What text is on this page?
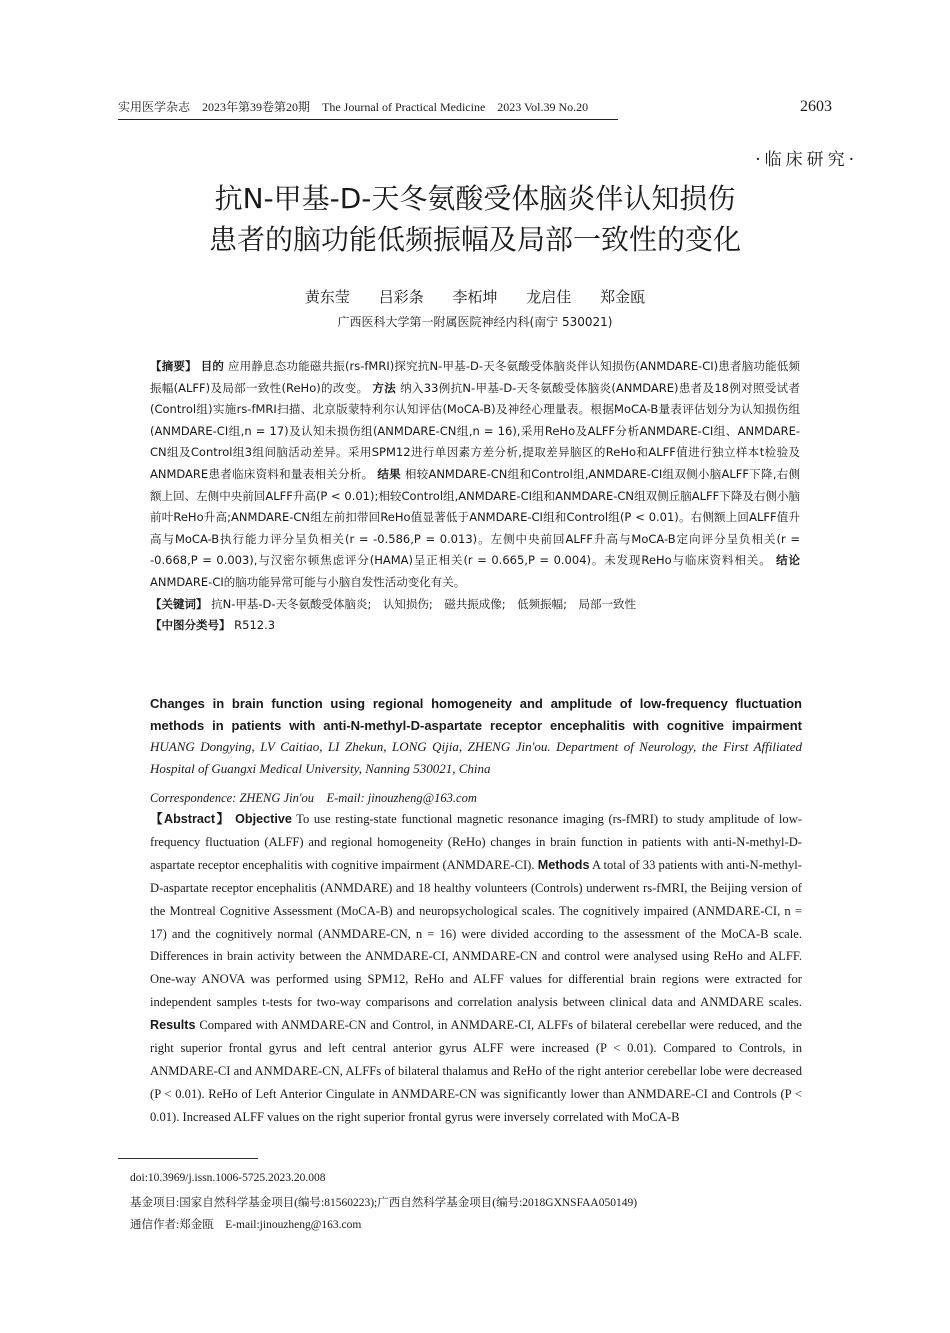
实用医学杂志　2023年第39卷第20期　The Journal of Practical Medicine　2023 Vol.39 No.20	2603
·临床研究·
抗N-甲基-D-天冬氨酸受体脑炎伴认知损伤
患者的脑功能低频振幅及局部一致性的变化
黄东莹 吕彩条 李柘坤 龙启佳 郑金瓯
广西医科大学第一附属医院神经内科(南宁 530021)
【摘要】 目的 应用静息态功能磁共振(rs-fMRI)探究抗N-甲基-D-天冬氨酸受体脑炎伴认知损伤(ANMDARE-CI)患者脑功能低频振幅(ALFF)及局部一致性(ReHo)的改变。 方法 纳入33例抗N-甲基-D-天冬氨酸受体脑炎(ANMDARE)患者及18例对照受试者(Control组)实施rs-fMRI扫描、北京版蒙特利尔认知评估(MoCA-B)及神经心理量表。根据MoCA-B量表评估划分为认知损伤组(ANMDARE-CI组,n = 17)及认知未损伤组(ANMDARE-CN组,n = 16),采用ReHo及ALFF分析ANMDARE-CI组、ANMDARE-CN组及Control组3组间脑活动差异。采用SPM12进行单因素方差分析,提取差异脑区的ReHo和ALFF值进行独立样本t检验及ANMDARE患者临床资料和量表相关分析。 结果 相较ANMDARE-CN组和Control组,ANMDARE-CI组双侧小脑ALFF下降,右侧额上回、左侧中央前回ALFF升高(P < 0.01);相较Control组,ANMDARE-CI组和ANMDARE-CN组双侧丘脑ALFF下降及右侧小脑前叶ReHo升高;ANMDARE-CN组左前扣带回ReHo值显著低于ANMDARE-CI组和Control组(P < 0.01)。右侧额上回ALFF值升高与MoCA-B执行能力评分呈负相关(r = -0.586,P = 0.013)。左侧中央前回ALFF升高与MoCA-B定向评分呈负相关(r = -0.668,P = 0.003),与汉密尔顿焦虑评分(HAMA)呈正相关(r = 0.665,P = 0.004)。未发现ReHo与临床资料相关。 结论 ANMDARE-CI的脑功能异常可能与小脑自发性活动变化有关。
【关键词】 抗N-甲基-D-天冬氨酸受体脑炎;　认知损伤;　磁共振成像;　低频振幅;　局部一致性
【中图分类号】 R512.3
Changes in brain function using regional homogeneity and amplitude of low-frequency fluctuation methods in patients with anti-N-methyl-D-aspartate receptor encephalitis with cognitive impairment HUANG Dongying, LV Caitiao, LI Zhekun, LONG Qijia, ZHENG Jin'ou. Department of Neurology, the First Affiliated Hospital of Guangxi Medical University, Nanning 530021, China
Correspondence: ZHENG Jin'ou　E-mail: jinouzheng@163.com
【Abstract】 Objective To use resting-state functional magnetic resonance imaging (rs-fMRI) to study amplitude of low-frequency fluctuation (ALFF) and regional homogeneity (ReHo) changes in brain function in patients with anti-N-methyl-D-aspartate receptor encephalitis with cognitive impairment (ANMDARE-CI). Methods A total of 33 patients with anti-N-methyl-D-aspartate receptor encephalitis (ANMDARE) and 18 healthy volunteers (Controls) underwent rs-fMRI, the Beijing version of the Montreal Cognitive Assessment (MoCA-B) and neuropsychological scales. The cognitively impaired (ANMDARE-CI, n = 17) and the cognitively normal (ANMDARE-CN, n = 16) were divided according to the assessment of the MoCA-B scale. Differences in brain activity between the ANMDARE-CI, ANMDARE-CN and control were analysed using ReHo and ALFF. One-way ANOVA was performed using SPM12, ReHo and ALFF values for differential brain regions were extracted for independent samples t-tests for two-way comparisons and correlation analysis between clinical data and ANMDARE scales. Results Compared with ANMDARE-CN and Control, in ANMDARE-CI, ALFFs of bilateral cerebellar were reduced, and the right superior frontal gyrus and left central anterior gyrus ALFF were increased (P < 0.01). Compared to Controls, in ANMDARE-CI and ANMDARE-CN, ALFFs of bilateral thalamus and ReHo of the right anterior cerebellar lobe were decreased (P < 0.01). ReHo of Left Anterior Cingulate in ANMDARE-CN was significantly lower than ANMDARE-CI and Controls (P < 0.01). Increased ALFF values on the right superior frontal gyrus were inversely correlated with MoCA-B
doi:10.3969/j.issn.1006-5725.2023.20.008
基金项目:国家自然科学基金项目(编号:81560223);广西自然科学基金项目(编号:2018GXNSFAA050149)
通信作者:郑金瓯　E-mail:jinouzheng@163.com
